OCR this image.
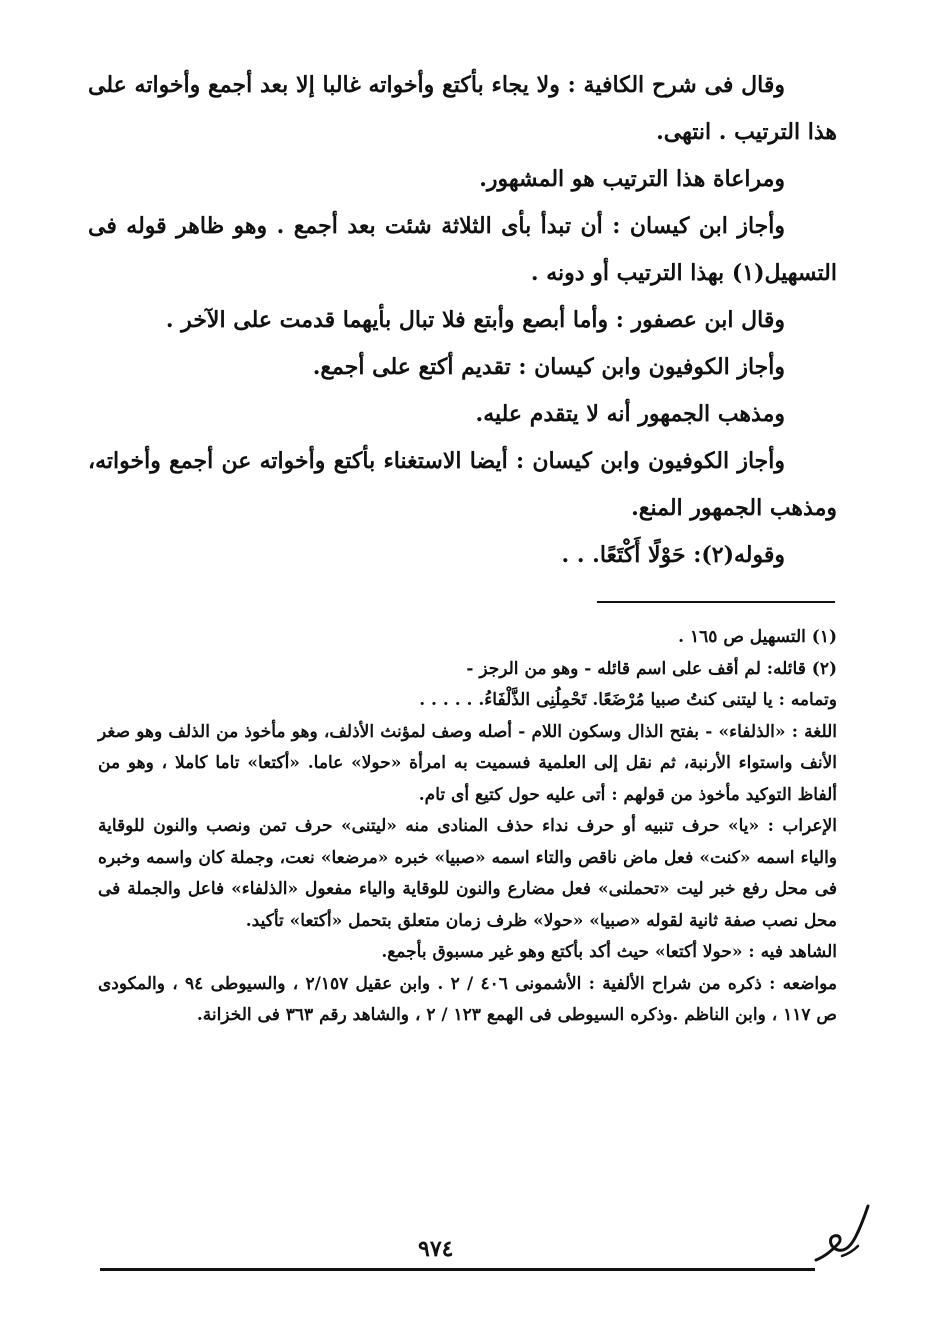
وقال فى شرح الكافية : ولا يجاء بأكتع وأخواته غالبا إلا بعد أجمع وأخواته على هذا الترتيب . انتهى.

ومراعاة هذا الترتيب هو المشهور.

وأجاز ابن كيسان : أن تبدأ بأى الثلاثة شئت بعد أجمع . وهو ظاهر قوله فى التسهيل(١) بهذا الترتيب أو دونه .

وقال ابن عصفور : وأما أبصع وأبتع فلا تبال بأيهما قدمت على الآخر .

وأجاز الكوفيون وابن كيسان : تقديم أكتع على أجمع.

ومذهب الجمهور أنه لا يتقدم عليه.

وأجاز الكوفيون وابن كيسان : أيضا الاستغناء بأكتع وأخواته عن أجمع وأخواته، ومذهب الجمهور المنع.

وقوله(٢): حَوْلًا أَكْتَعًا. . .

(١) التسهيل ص ١٦٥ .

(٢) قائله: لم أقف على اسم قائله - وهو من الرجز -

وتمامه : يا ليتنى كنتُ صبيا مُرْضَعًا. تَحْمِلُنِى الذَّلْفَاءُ. . . . . .

اللغة : «الذلفاء» - بفتح الذال وسكون اللام - أصله وصف لمؤنث الأذلف، وهو مأخوذ من الذلف وهو صغر الأنف واستواء الأرنبة، ثم نقل إلى العلمية فسميت به امرأة «حولا» عاما. «أكتعا» تاما كاملا ، وهو من ألفاظ التوكيد مأخوذ من قولهم : أتى عليه حول كتيع أى تام.

الإعراب : «يا» حرف تنبيه أو حرف نداء حذف المنادى منه «ليتنى» حرف تمن ونصب والنون للوقاية والياء اسمه «كنت» فعل ماض ناقص والتاء اسمه «صبيا» خبره «مرضعا» نعت، وجملة كان واسمه وخبره فى محل رفع خبر ليت «تحملنى» فعل مضارع والنون للوقاية والياء مفعول «الذلفاء» فاعل والجملة فى محل نصب صفة ثانية لقوله «صبيا» «حولا» ظرف زمان متعلق بتحمل «أكتعا» تأكيد.

الشاهد فيه : «حولا أكتعا» حيث أكد بأكتع وهو غير مسبوق بأجمع.

مواضعه : ذكره من شراح الألفية : الأشمونى ٤٠٦ / ٢ . وابن عقيل ٢/١٥٧ ، والسيوطى ٩٤ ، والمكودى ص ١١٧ ، وابن الناظم .وذكره السيوطى فى الهمع ١٢٣ / ٢ ، والشاهد رقم ٣٦٣ فى الخزانة.

٩٧٤
